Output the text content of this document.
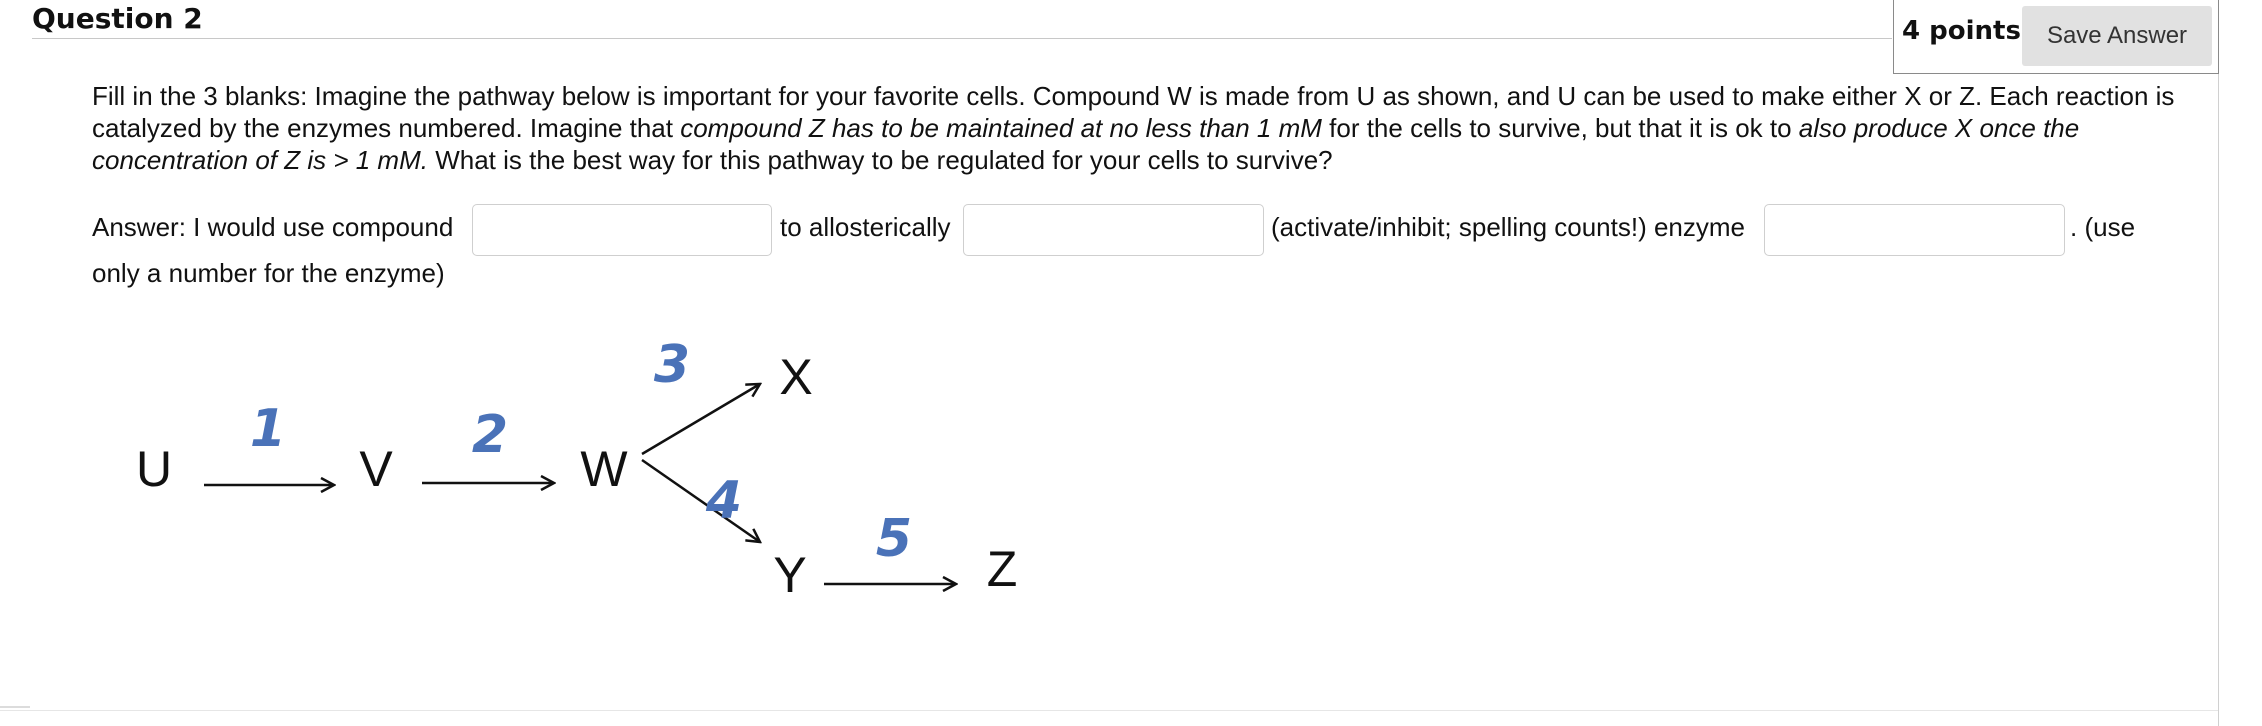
Question 2	4 points	Save Answer
Fill in the 3 blanks: Imagine the pathway below is important for your favorite cells. Compound W is made from U as shown, and U can be used to make either X or Z. Each reaction is catalyzed by the enzymes numbered. Imagine that compound Z has to be maintained at no less than 1 mM for the cells to survive, but that it is ok to also produce X once the concentration of Z is > 1 mM. What is the best way for this pathway to be regulated for your cells to survive?
Answer: I would use compound	to allosterically	(activate/inhibit; spelling counts!) enzyme	. (use
only a number for the enzyme)
U	V	W
X
Y	Z
1	2
3
4
5
